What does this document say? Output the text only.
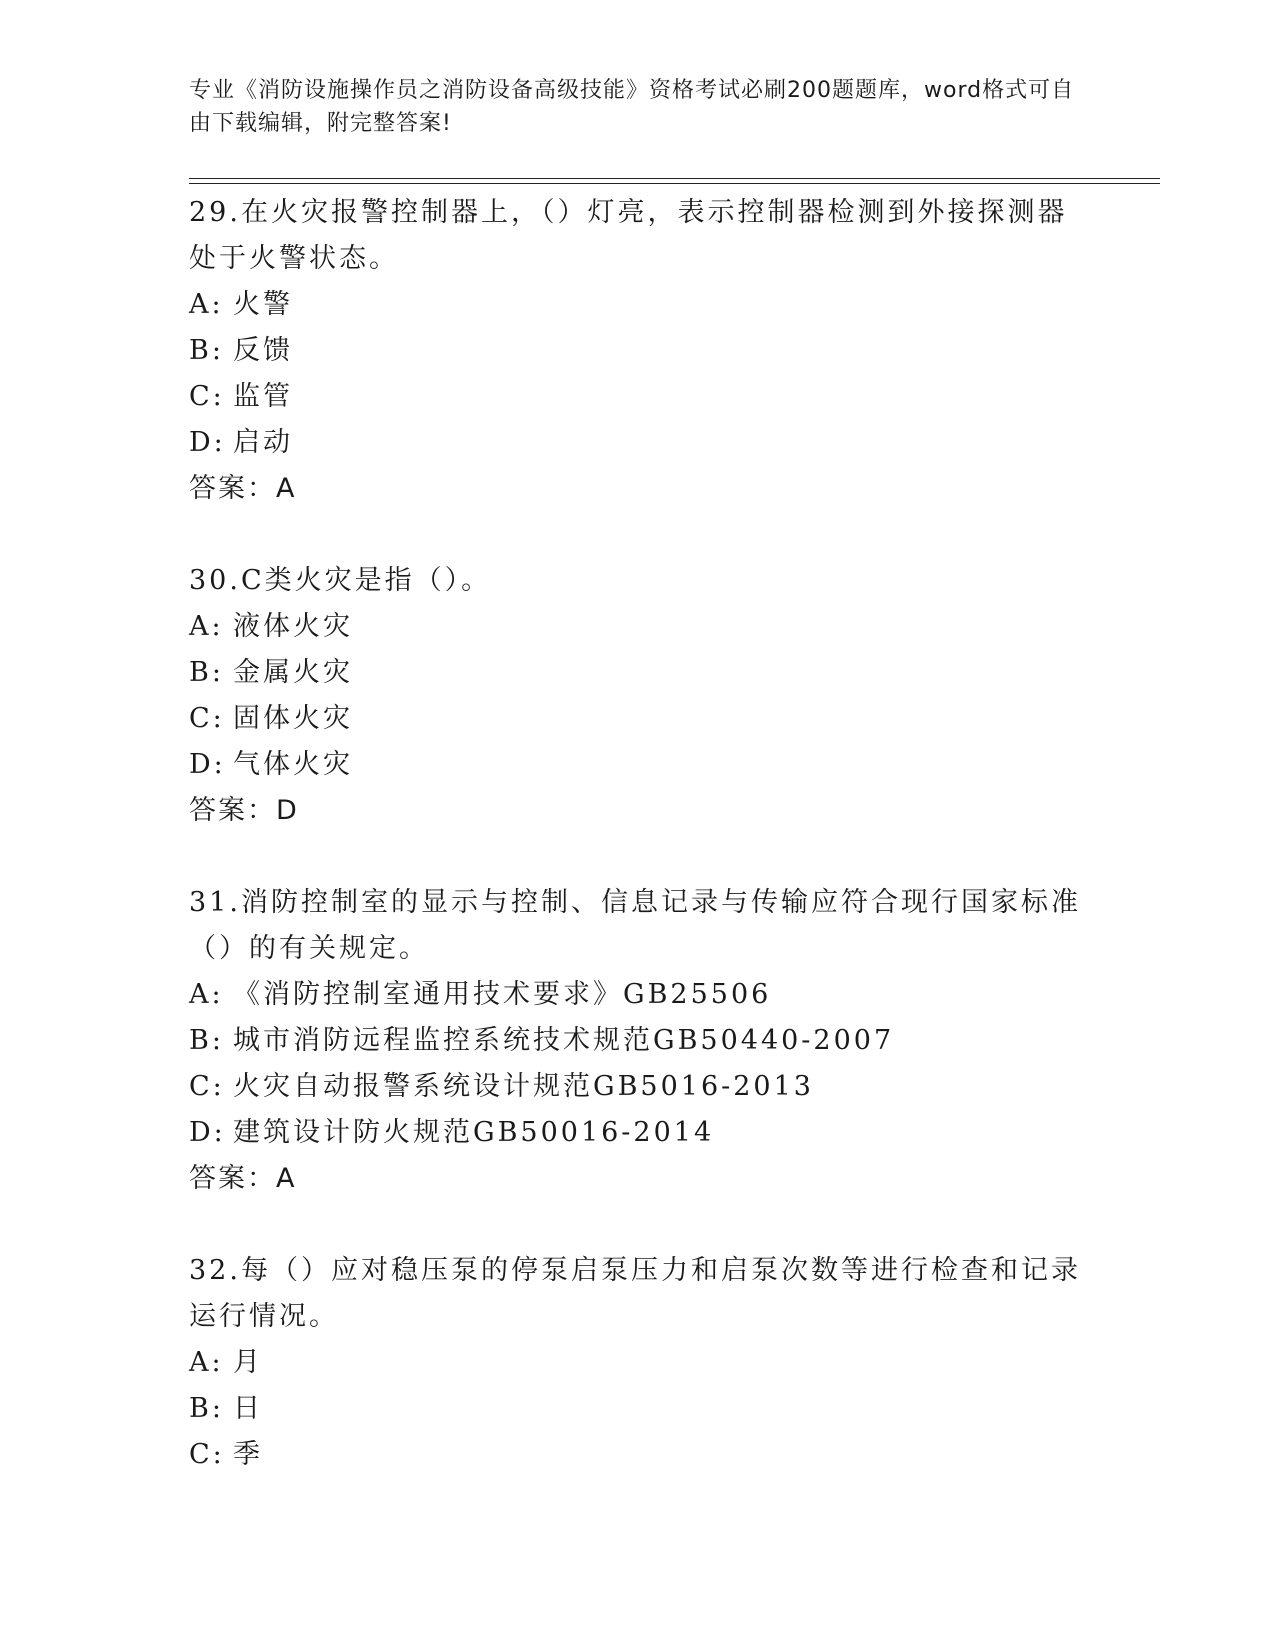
专业《消防设施操作员之消防设备高级技能》资格考试必刷200题题库，word格式可自由下载编辑，附完整答案!

29.在火灾报警控制器上，（）灯亮，表示控制器检测到外接探测器处于火警状态。

A: 火警
B: 反馈
C: 监管
D: 启动
答案：A

30.C类火灾是指（）。

A: 液体火灾
B: 金属火灾
C: 固体火灾
D: 气体火灾
答案：D

31.消防控制室的显示与控制、信息记录与传输应符合现行国家标准（）的有关规定。

A: 《消防控制室通用技术要求》GB25506
B: 城市消防远程监控系统技术规范GB50440-2007
C: 火灾自动报警系统设计规范GB5016-2013
D: 建筑设计防火规范GB50016-2014
答案：A

32.每（）应对稳压泵的停泵启泵压力和启泵次数等进行检查和记录运行情况。

A: 月
B: 日
C: 季
